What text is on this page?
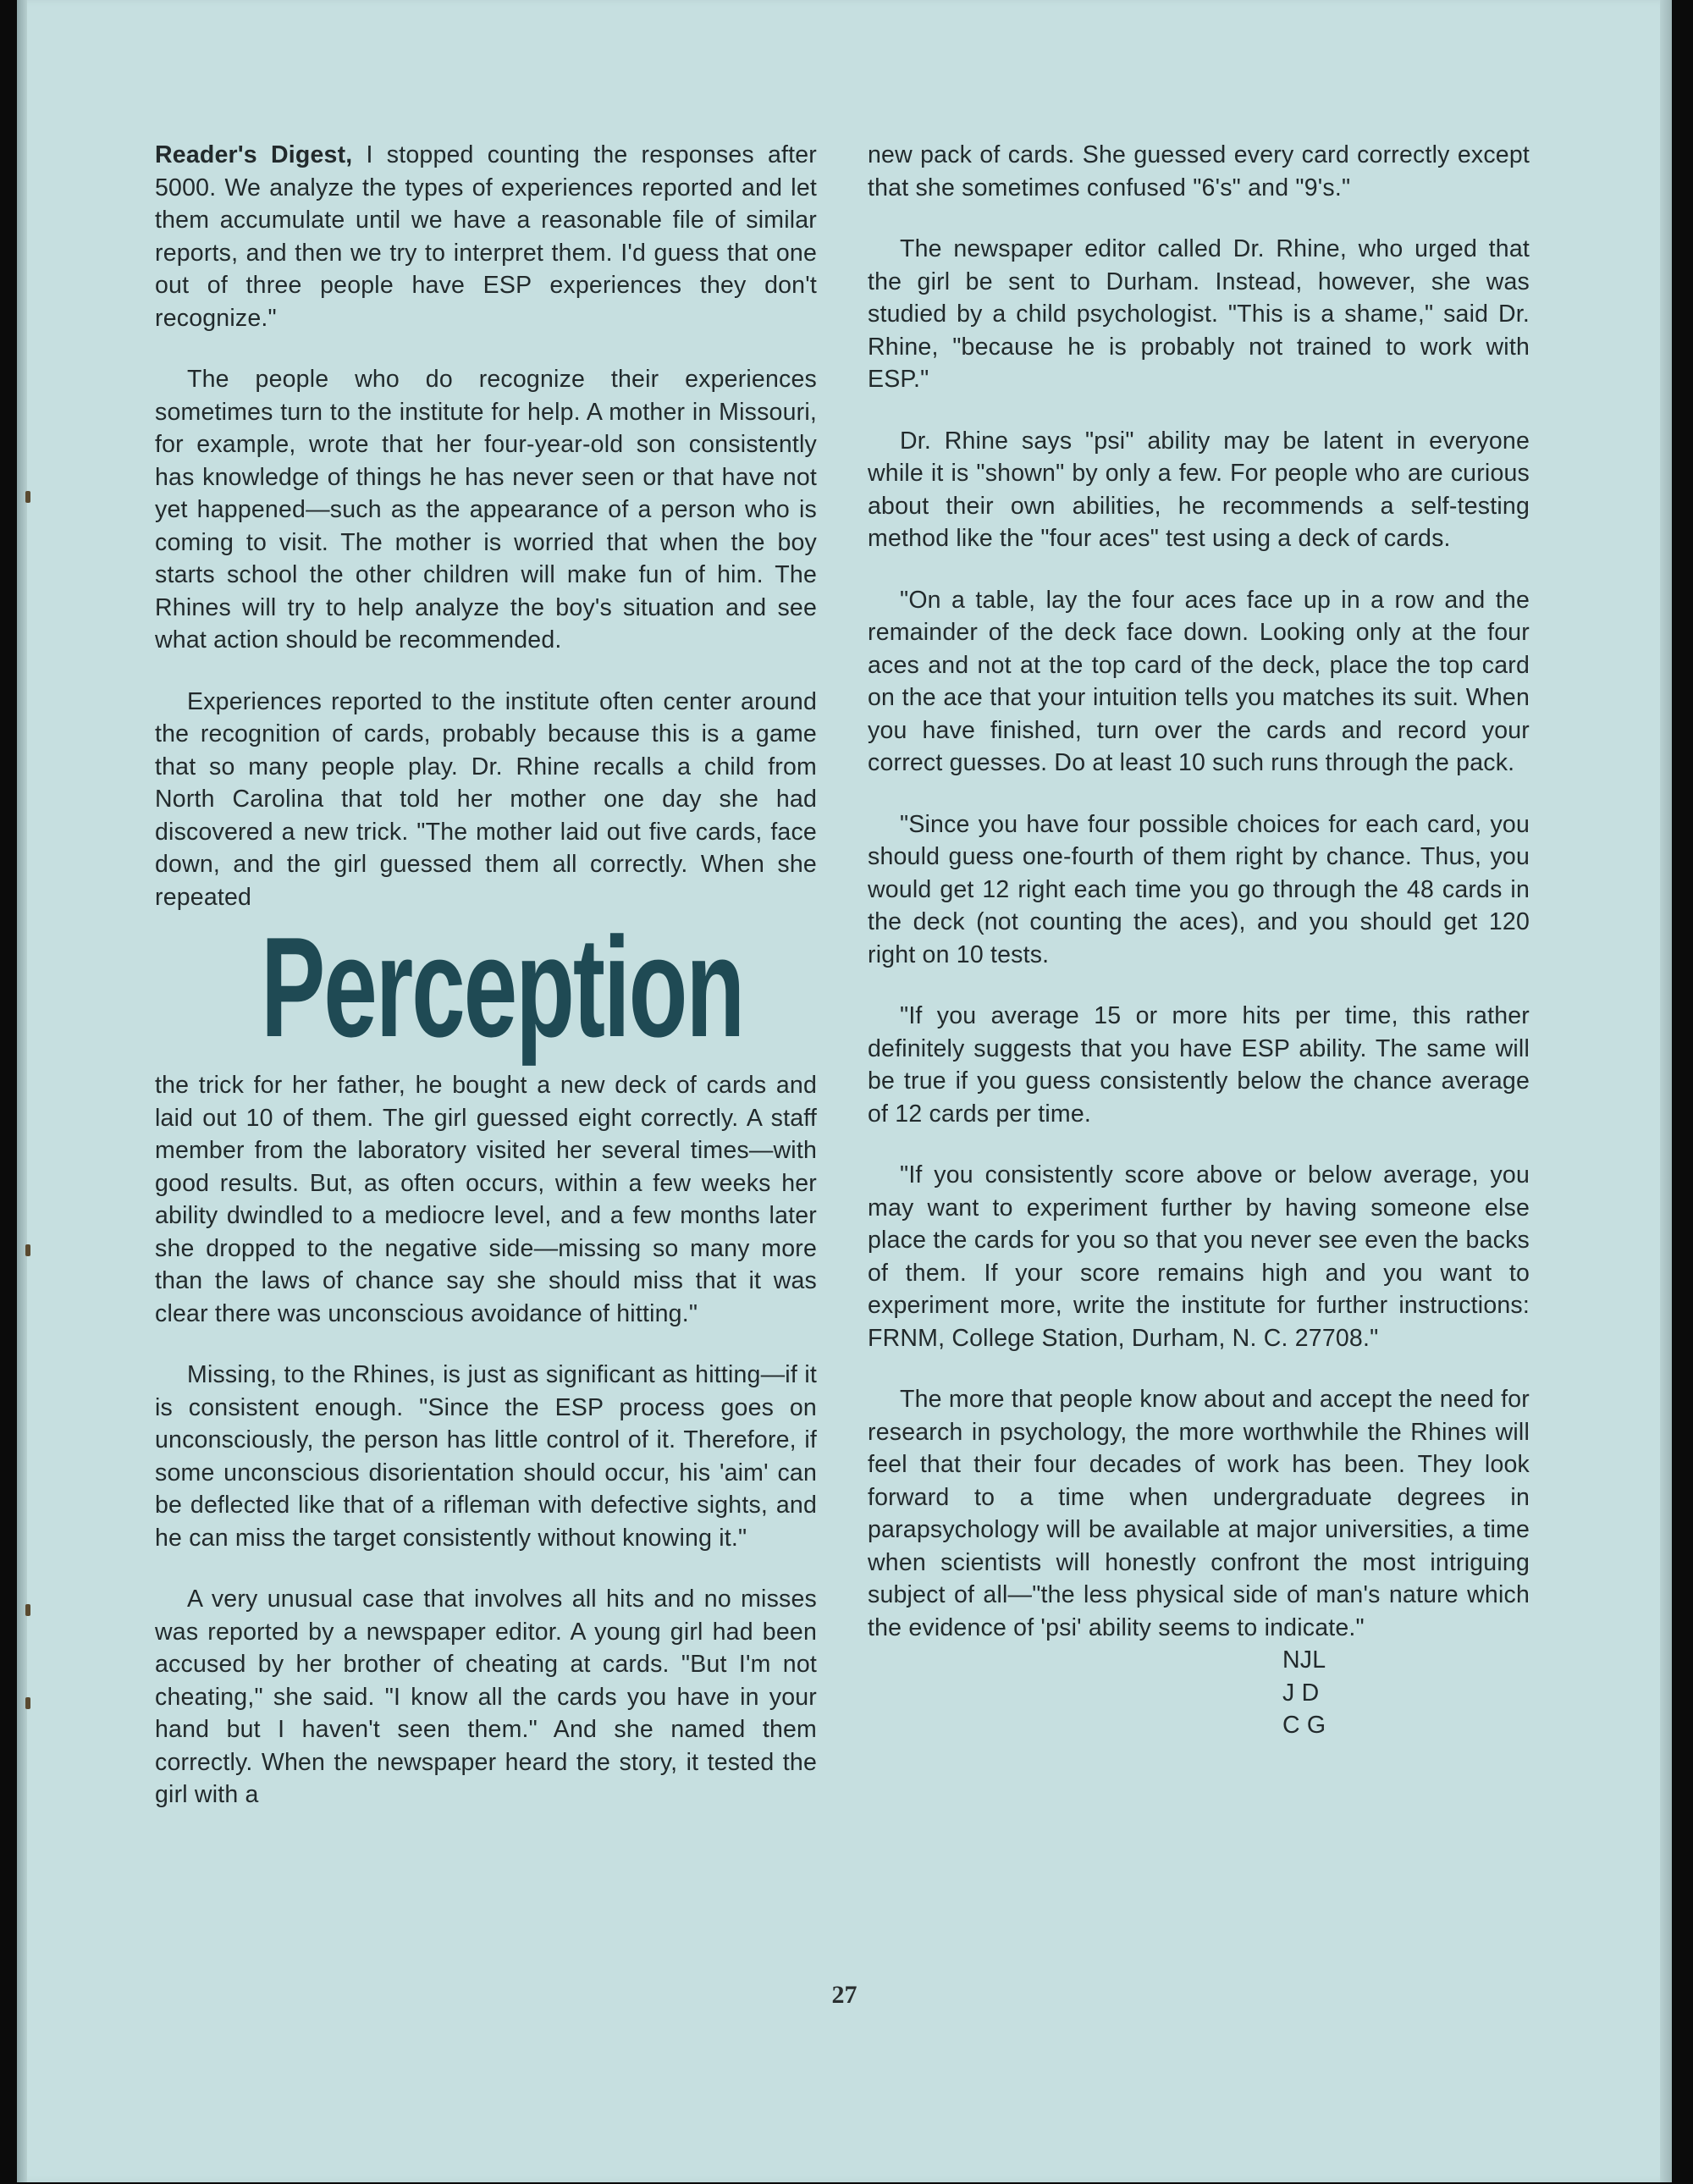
Reader's Digest, I stopped counting the responses after 5000. We analyze the types of experiences reported and let them accumulate until we have a reasonable file of similar reports, and then we try to interpret them. I'd guess that one out of three people have ESP experiences they don't recognize."

The people who do recognize their experiences sometimes turn to the institute for help. A mother in Missouri, for example, wrote that her four-year-old son consistently has knowledge of things he has never seen or that have not yet happened—such as the appearance of a person who is coming to visit. The mother is worried that when the boy starts school the other children will make fun of him. The Rhines will try to help analyze the boy's situation and see what action should be recommended.

Experiences reported to the institute often center around the recognition of cards, probably because this is a game that so many people play. Dr. Rhine recalls a child from North Carolina that told her mother one day she had discovered a new trick. "The mother laid out five cards, face down, and the girl guessed them all correctly. When she repeated

Perception

the trick for her father, he bought a new deck of cards and laid out 10 of them. The girl guessed eight correctly. A staff member from the laboratory visited her several times—with good results. But, as often occurs, within a few weeks her ability dwindled to a mediocre level, and a few months later she dropped to the negative side—missing so many more than the laws of chance say she should miss that it was clear there was unconscious avoidance of hitting."

Missing, to the Rhines, is just as significant as hitting—if it is consistent enough. "Since the ESP process goes on unconsciously, the person has little control of it. Therefore, if some unconscious disorientation should occur, his 'aim' can be deflected like that of a rifleman with defective sights, and he can miss the target consistently without knowing it."

A very unusual case that involves all hits and no misses was reported by a newspaper editor. A young girl had been accused by her brother of cheating at cards. "But I'm not cheating," she said. "I know all the cards you have in your hand but I haven't seen them." And she named them correctly. When the newspaper heard the story, it tested the girl with a

new pack of cards. She guessed every card correctly except that she sometimes confused "6's" and "9's."

The newspaper editor called Dr. Rhine, who urged that the girl be sent to Durham. Instead, however, she was studied by a child psychologist. "This is a shame," said Dr. Rhine, "because he is probably not trained to work with ESP."

Dr. Rhine says "psi" ability may be latent in everyone while it is "shown" by only a few. For people who are curious about their own abilities, he recommends a self-testing method like the "four aces" test using a deck of cards.

"On a table, lay the four aces face up in a row and the remainder of the deck face down. Looking only at the four aces and not at the top card of the deck, place the top card on the ace that your intuition tells you matches its suit. When you have finished, turn over the cards and record your correct guesses. Do at least 10 such runs through the pack.

"Since you have four possible choices for each card, you should guess one-fourth of them right by chance. Thus, you would get 12 right each time you go through the 48 cards in the deck (not counting the aces), and you should get 120 right on 10 tests.

"If you average 15 or more hits per time, this rather definitely suggests that you have ESP ability. The same will be true if you guess consistently below the chance average of 12 cards per time.

"If you consistently score above or below average, you may want to experiment further by having someone else place the cards for you so that you never see even the backs of them. If your score remains high and you want to experiment more, write the institute for further instructions: FRNM, College Station, Durham, N. C. 27708."

The more that people know about and accept the need for research in psychology, the more worthwhile the Rhines will feel that their four decades of work has been. They look forward to a time when undergraduate degrees in parapsychology will be available at major universities, a time when scientists will honestly confront the most intriguing subject of all—"the less physical side of man's nature which the evidence of 'psi' ability seems to indicate."

NJL
J D
C G
27
